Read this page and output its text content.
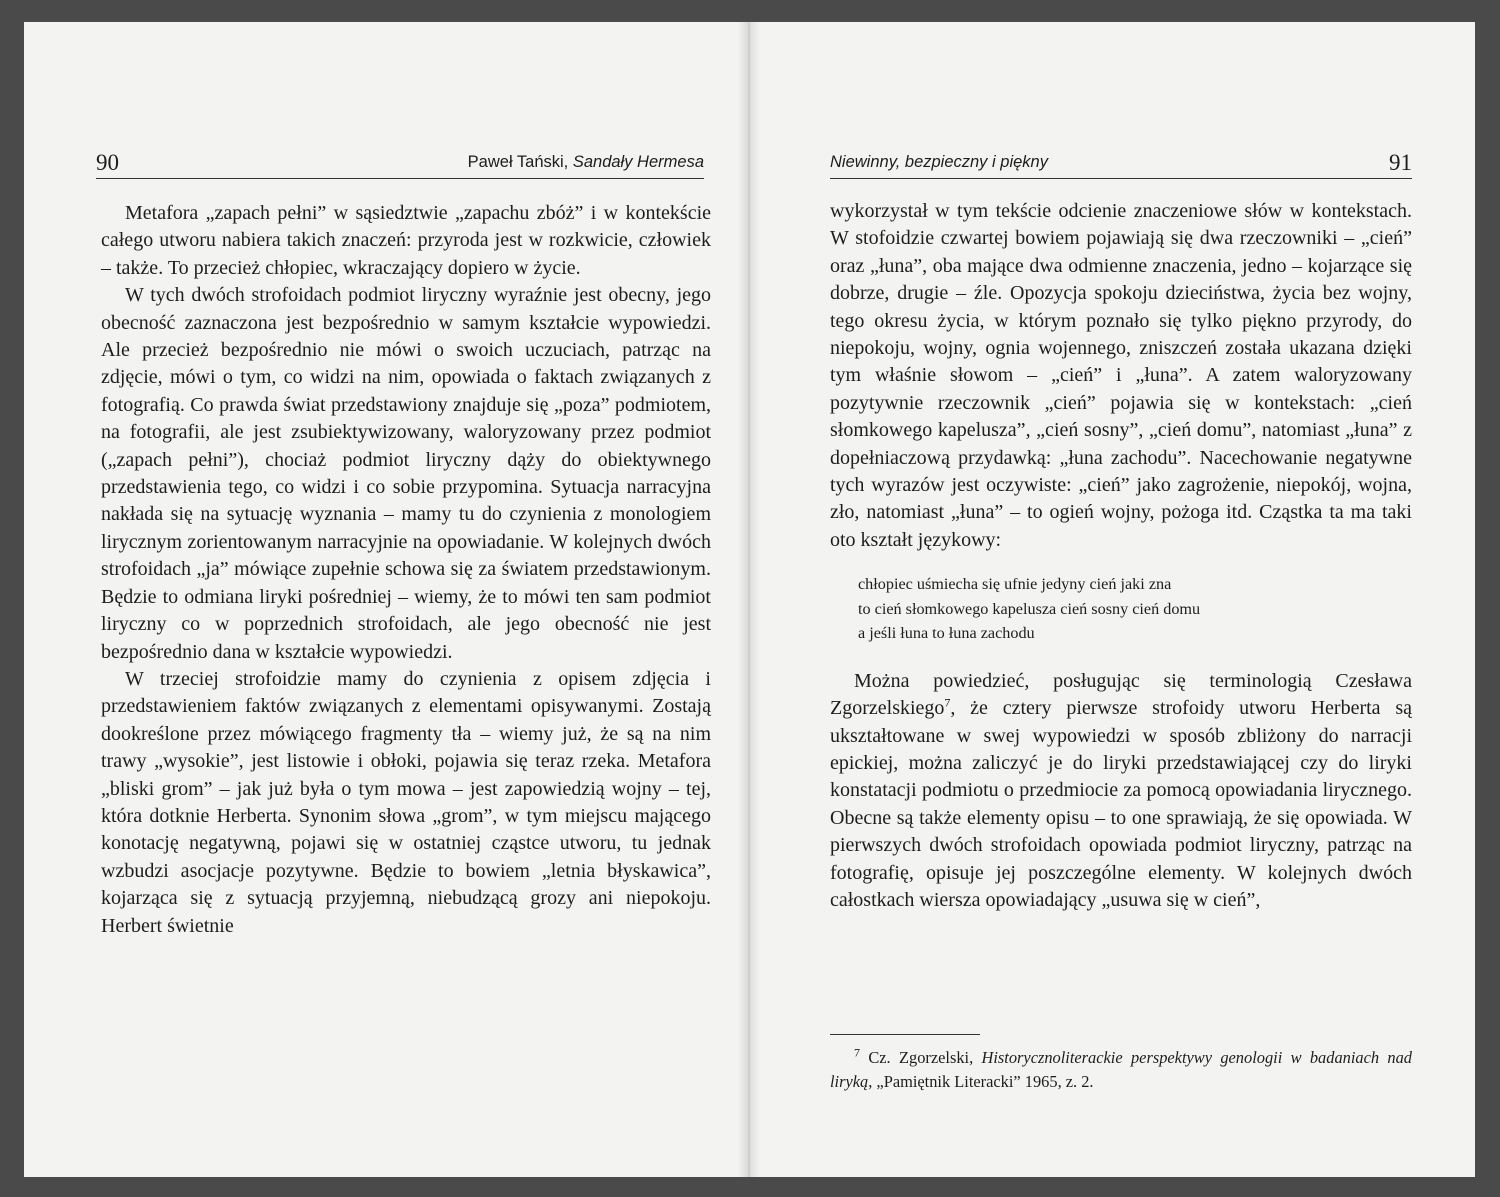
90	Paweł Tański, Sandały Hermesa

Metafora „zapach pełni” w sąsiedztwie „zapachu zbóż” i w kontekście całego utworu nabiera takich znaczeń: przyroda jest w rozkwicie, człowiek – także. To przecież chłopiec, wkraczający dopiero w życie.

W tych dwóch strofoidach podmiot liryczny wyraźnie jest obecny, jego obecność zaznaczona jest bezpośrednio w samym kształcie wypowiedzi. Ale przecież bezpośrednio nie mówi o swoich uczuciach, patrząc na zdjęcie, mówi o tym, co widzi na nim, opowiada o faktach związanych z fotografią. Co prawda świat przedstawiony znajduje się „poza” podmiotem, na fotografii, ale jest zsubiektywizowany, waloryzowany przez podmiot („zapach pełni”), chociaż podmiot liryczny dąży do obiektywnego przedstawienia tego, co widzi i co sobie przypomina. Sytuacja narracyjna nakłada się na sytuację wyznania – mamy tu do czynienia z monologiem lirycznym zorientowanym narracyjnie na opowiadanie. W kolejnych dwóch strofoidach „ja” mówiące zupełnie schowa się za światem przedstawionym. Będzie to odmiana liryki pośredniej – wiemy, że to mówi ten sam podmiot liryczny co w poprzednich strofoidach, ale jego obecność nie jest bezpośrednio dana w kształcie wypowiedzi.

W trzeciej strofoidzie mamy do czynienia z opisem zdjęcia i przedstawieniem faktów związanych z elementami opisywanymi. Zostają dookreślone przez mówiącego fragmenty tła – wiemy już, że są na nim trawy „wysokie”, jest listowie i obłoki, pojawia się teraz rzeka. Metafora „bliski grom” – jak już była o tym mowa – jest zapowiedzią wojny – tej, która dotknie Herberta. Synonim słowa „grom”, w tym miejscu mającego konotację negatywną, pojawi się w ostatniej cząstce utworu, tu jednak wzbudzi asocjacje pozytywne. Będzie to bowiem „letnia błyskawica”, kojarząca się z sytuacją przyjemną, niebudzącą grozy ani niepokoju. Herbert świetnie

Niewinny, bezpieczny i piękny	91

wykorzystał w tym tekście odcienie znaczeniowe słów w kontekstach. W stofoidzie czwartej bowiem pojawiają się dwa rzeczowniki – „cień” oraz „łuna”, oba mające dwa odmienne znaczenia, jedno – kojarzące się dobrze, drugie – źle. Opozycja spokoju dzieciństwa, życia bez wojny, tego okresu życia, w którym poznało się tylko piękno przyrody, do niepokoju, wojny, ognia wojennego, zniszczeń została ukazana dzięki tym właśnie słowom – „cień” i „łuna”. A zatem waloryzowany pozytywnie rzeczownik „cień” pojawia się w kontekstach: „cień słomkowego kapelusza”, „cień sosny”, „cień domu”, natomiast „łuna” z dopełniaczową przydawką: „łuna zachodu”. Nacechowanie negatywne tych wyrazów jest oczywiste: „cień” jako zagrożenie, niepokój, wojna, zło, natomiast „łuna” – to ogień wojny, pożoga itd. Cząstka ta ma taki oto kształt językowy:

chłopiec uśmiecha się ufnie jedyny cień jaki zna
to cień słomkowego kapelusza cień sosny cień domu
a jeśli łuna to łuna zachodu

Można powiedzieć, posługując się terminologią Czesława Zgorzelskiego$^7$, że cztery pierwsze strofoidy utworu Herberta są ukształtowane w swej wypowiedzi w sposób zbliżony do narracji epickiej, można zaliczyć je do liryki przedstawiającej czy do liryki konstatacji podmiotu o przedmiocie za pomocą opowiadania lirycznego. Obecne są także elementy opisu – to one sprawiają, że się opowiada. W pierwszych dwóch strofoidach opowiada podmiot liryczny, patrząc na fotografię, opisuje jej poszczególne elementy. W kolejnych dwóch całostkach wiersza opowiadający „usuwa się w cień”,

$^7$ Cz. Zgorzelski, Historycznoliterackie perspektywy genologii w badaniach nad liryką, „Pamiętnik Literacki” 1965, z. 2.
